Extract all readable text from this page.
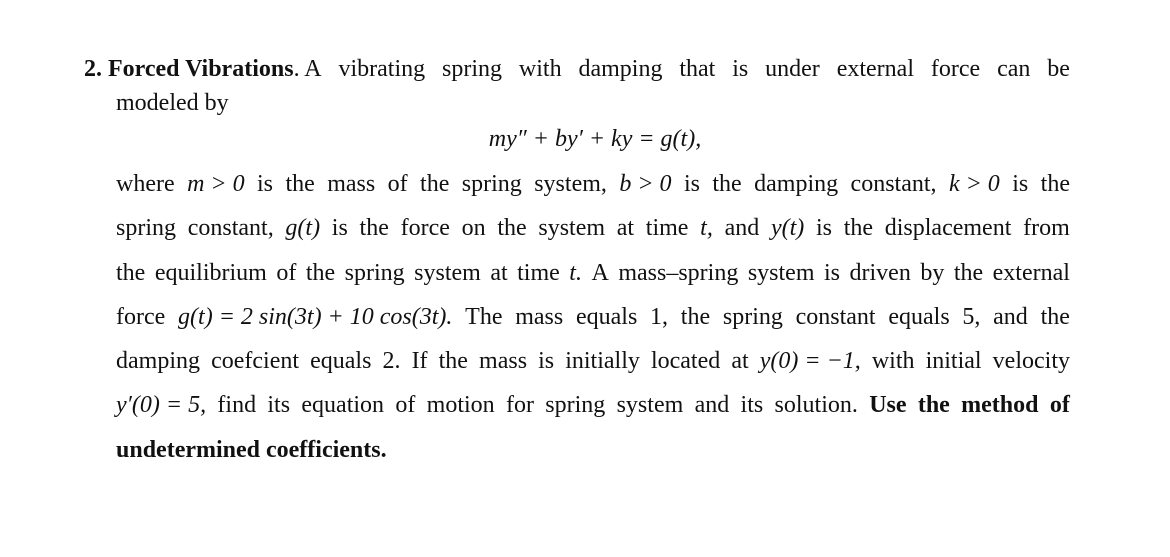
2. Forced Vibrations. A vibrating spring with damping that is under external force can be
modeled by
my″ + by′ + ky = g(t),
where m > 0 is the mass of the spring system, b > 0 is the damping constant, k > 0 is the
spring constant, g(t) is the force on the system at time t, and y(t) is the displacement from
the equilibrium of the spring system at time t. A mass–spring system is driven by the external
force g(t) = 2 sin(3t) + 10 cos(3t). The mass equals 1, the spring constant equals 5, and the
damping coefcient equals 2. If the mass is initially located at y(0) = −1, with initial velocity
y′(0) = 5, find its equation of motion for spring system and its solution. Use the method of
undetermined coefficients.
